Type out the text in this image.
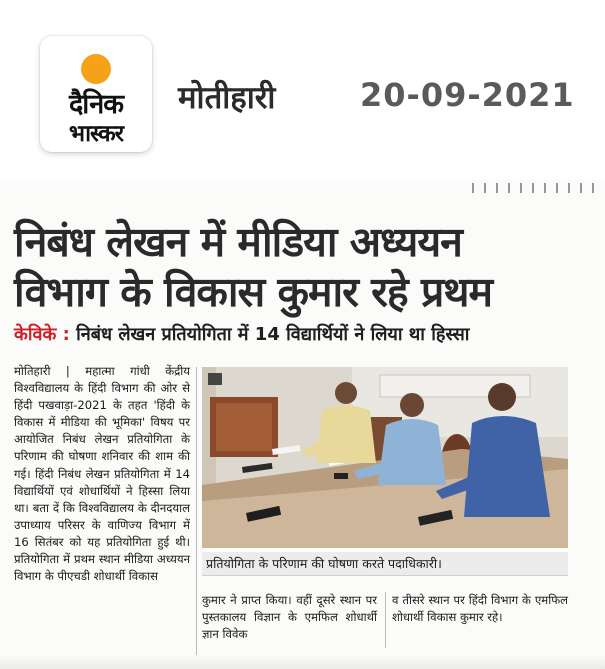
दैनिक
भास्कर
मोतीहारी	20-09-2021
निबंध लेखन में मीडिया अध्ययन
विभाग के विकास कुमार रहे प्रथम
केविके : निबंध लेखन प्रतियोगिता में 14 विद्यार्थियों ने लिया था हिस्सा
मोतिहारी | महात्मा गांधी केंद्रीय विश्वविद्यालय के हिंदी विभाग की ओर से हिंदी पखवाड़ा-2021 के तहत 'हिंदी के विकास में मीडिया की भूमिका' विषय पर आयोजित निबंध लेखन प्रतियोगिता के परिणाम की घोषणा शनिवार की शाम की गई। हिंदी निबंध लेखन प्रतियोगिता में 14 विद्यार्थियों एवं शोधार्थियों ने हिस्सा लिया था। बता दें कि विश्वविद्यालय के दीनदयाल उपाध्याय परिसर के वाणिज्य विभाग में 16 सितंबर को यह प्रतियोगिता हुई थी। प्रतियोगिता में प्रथम स्थान मीडिया अध्ययन विभाग के पीएचडी शोधार्थी विकास
प्रतियोगिता के परिणाम की घोषणा करते पदाधिकारी।
कुमार ने प्राप्त किया। वहीं दूसरे स्थान पर पुस्तकालय विज्ञान के एमफिल शोधार्थी ज्ञान विवेक
व तीसरे स्थान पर हिंदी विभाग के एमफिल शोधार्थी विकास कुमार रहे।
